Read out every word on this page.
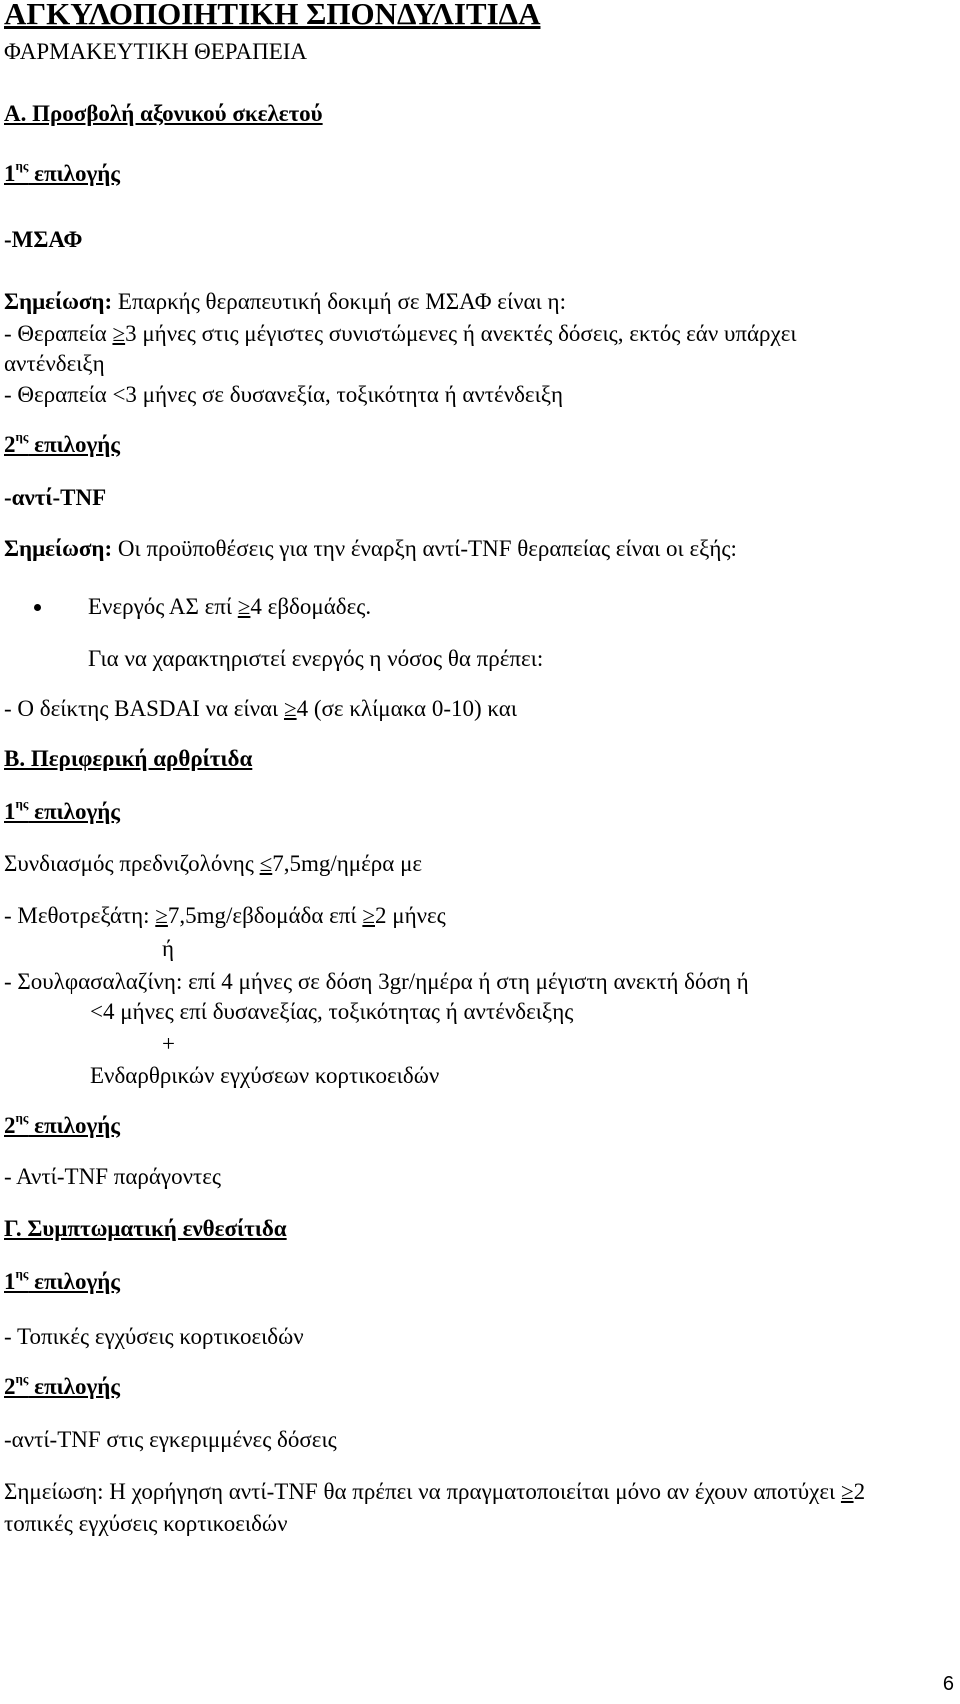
ΑΓΚΥΛΟΠΟΙΗΤΙΚΗ ΣΠΟΝΔΥΛΙΤΙΔΑ
ΦΑΡΜΑΚΕΥΤΙΚΗ ΘΕΡΑΠΕΙΑ
Α. Προσβολή αξονικού σκελετού
$1^{\eta\varsigma}$ επιλογής
-ΜΣΑΦ
Σημείωση: Επαρκής θεραπευτική δοκιμή σε ΜΣΑΦ είναι η:
- Θεραπεία ≥3 μήνες στις μέγιστες συνιστώμενες ή ανεκτές δόσεις, εκτός εάν υπάρχει
αντένδειξη
- Θεραπεία <3 μήνες σε δυσανεξία, τοξικότητα ή αντένδειξη
$2^{\eta\varsigma}$ επιλογής
-αντί-TNF
Σημείωση: Οι προϋποθέσεις για την έναρξη αντί-TNF θεραπείας είναι οι εξής:
Ενεργός ΑΣ επί ≥4 εβδομάδες.
Για να χαρακτηριστεί ενεργός η νόσος θα πρέπει:
- Ο δείκτης BASDAI να είναι ≥4 (σε κλίμακα 0-10) και
Β. Περιφερική αρθρίτιδα
$1^{\eta\varsigma}$ επιλογής
Συνδιασμός πρεδνιζολόνης ≤7,5mg/ημέρα με
- Μεθοτρεξάτη: ≥7,5mg/εβδομάδα επί ≥2 μήνες
ή
- Σουλφασαλαζίνη: επί 4 μήνες σε δόση 3gr/ημέρα ή στη μέγιστη ανεκτή δόση ή
<4 μήνες επί δυσανεξίας, τοξικότητας ή αντένδειξης
+
Ενδαρθρικών εγχύσεων κορτικοειδών
$2^{\eta\varsigma}$ επιλογής
- Αντί-TNF παράγοντες
Γ. Συμπτωματική ενθεσίτιδα
$1^{\eta\varsigma}$ επιλογής
- Τοπικές εγχύσεις κορτικοειδών
$2^{\eta\varsigma}$ επιλογής
-αντί-TNF στις εγκεριμμένες δόσεις
Σημείωση: Η χορήγηση αντί-TNF θα πρέπει να πραγματοποιείται μόνο αν έχουν αποτύχει ≥2
τοπικές εγχύσεις κορτικοειδών
6
